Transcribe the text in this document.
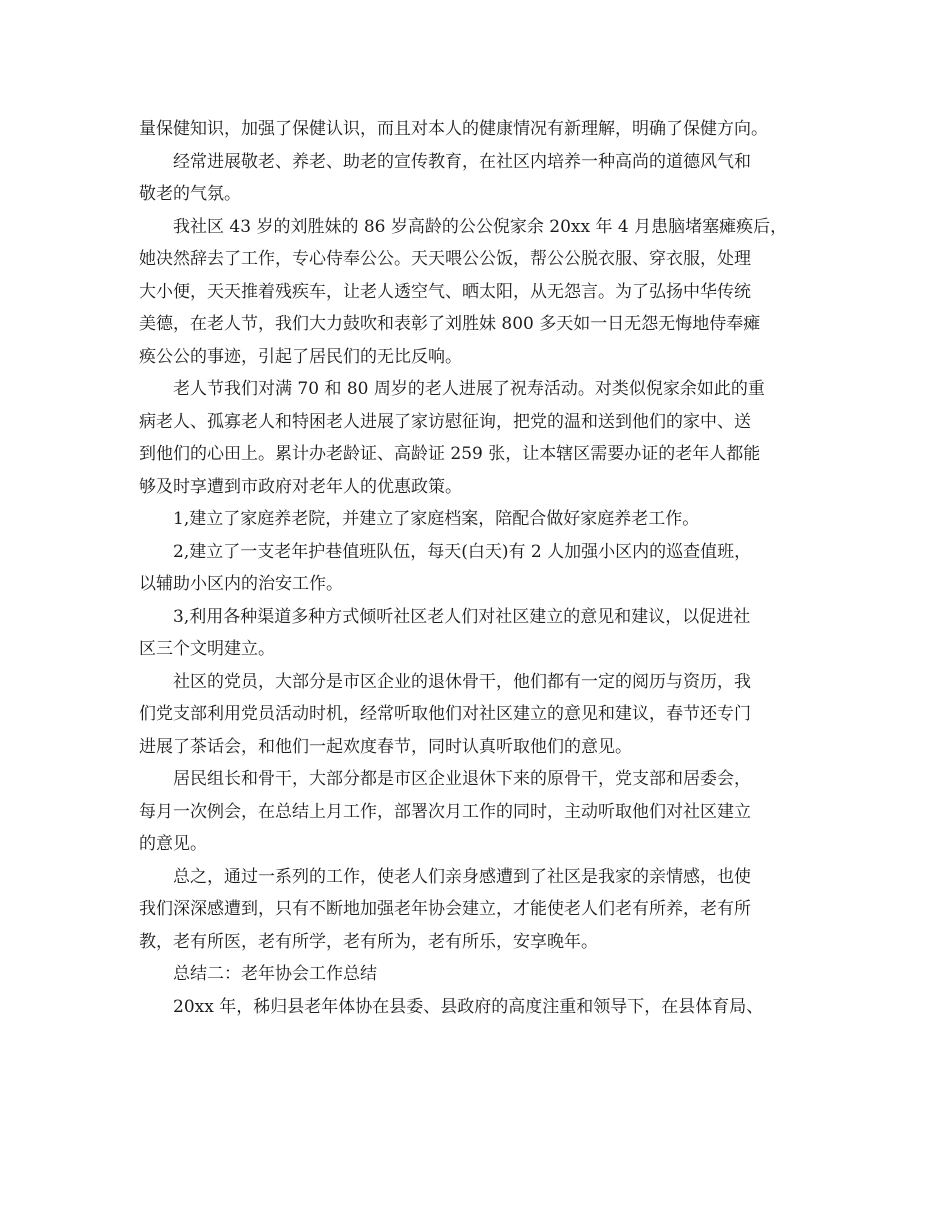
量保健知识，加强了保健认识，而且对本人的健康情况有新理解，明确了保健方向。
经常进展敬老、养老、助老的宣传教育，在社区内培养一种高尚的道德风气和
敬老的气氛。
我社区 43 岁的刘胜妹的 86 岁高龄的公公倪家余 20xx 年 4 月患脑堵塞瘫痪后，
她决然辞去了工作，专心侍奉公公。天天喂公公饭，帮公公脱衣服、穿衣服，处理
大小便，天天推着残疾车，让老人透空气、晒太阳，从无怨言。为了弘扬中华传统
美德，在老人节，我们大力鼓吹和表彰了刘胜妹 800 多天如一日无怨无悔地侍奉瘫
痪公公的事迹，引起了居民们的无比反响。
老人节我们对满 70 和 80 周岁的老人进展了祝寿活动。对类似倪家余如此的重
病老人、孤寡老人和特困老人进展了家访慰征询，把党的温和送到他们的家中、送
到他们的心田上。累计办老龄证、高龄证 259 张，让本辖区需要办证的老年人都能
够及时享遭到市政府对老年人的优惠政策。
1,建立了家庭养老院，并建立了家庭档案，陪配合做好家庭养老工作。
2,建立了一支老年护巷值班队伍，每天(白天)有 2 人加强小区内的巡查值班，
以辅助小区内的治安工作。
3,利用各种渠道多种方式倾听社区老人们对社区建立的意见和建议，以促进社
区三个文明建立。
社区的党员，大部分是市区企业的退休骨干，他们都有一定的阅历与资历，我
们党支部利用党员活动时机，经常听取他们对社区建立的意见和建议，春节还专门
进展了茶话会，和他们一起欢度春节，同时认真听取他们的意见。
居民组长和骨干，大部分都是市区企业退休下来的原骨干，党支部和居委会，
每月一次例会，在总结上月工作，部署次月工作的同时，主动听取他们对社区建立
的意见。
总之，通过一系列的工作，使老人们亲身感遭到了社区是我家的亲情感，也使
我们深深感遭到，只有不断地加强老年协会建立，才能使老人们老有所养，老有所
教，老有所医，老有所学，老有所为，老有所乐，安享晚年。
总结二：老年协会工作总结
20xx 年，秭归县老年体协在县委、县政府的高度注重和领导下，在县体育局、
